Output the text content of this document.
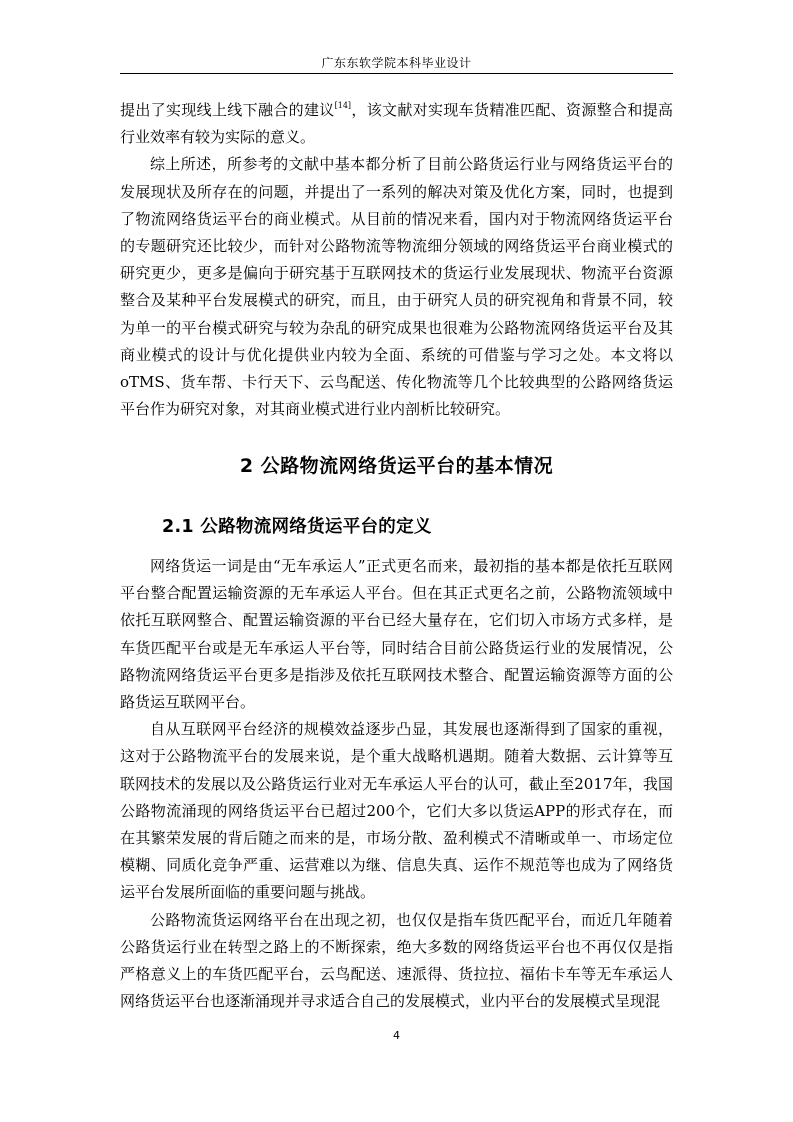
广东东软学院本科毕业设计

提出了实现线上线下融合的建议[14]，该文献对实现车货精准匹配、资源整合和提高行业效率有较为实际的意义。

综上所述，所参考的文献中基本都分析了目前公路货运行业与网络货运平台的发展现状及所存在的问题，并提出了一系列的解决对策及优化方案，同时，也提到了物流网络货运平台的商业模式。从目前的情况来看，国内对于物流网络货运平台的专题研究还比较少，而针对公路物流等物流细分领域的网络货运平台商业模式的研究更少，更多是偏向于研究基于互联网技术的货运行业发展现状、物流平台资源整合及某种平台发展模式的研究，而且，由于研究人员的研究视角和背景不同，较为单一的平台模式研究与较为杂乱的研究成果也很难为公路物流网络货运平台及其商业模式的设计与优化提供业内较为全面、系统的可借鉴与学习之处。本文将以oTMS、货车帮、卡行天下、云鸟配送、传化物流等几个比较典型的公路网络货运平台作为研究对象，对其商业模式进行业内剖析比较研究。

2 公路物流网络货运平台的基本情况
2.1 公路物流网络货运平台的定义

网络货运一词是由“无车承运人”正式更名而来，最初指的基本都是依托互联网平台整合配置运输资源的无车承运人平台。但在其正式更名之前，公路物流领域中依托互联网整合、配置运输资源的平台已经大量存在，它们切入市场方式多样，是车货匹配平台或是无车承运人平台等，同时结合目前公路货运行业的发展情况，公路物流网络货运平台更多是指涉及依托互联网技术整合、配置运输资源等方面的公路货运互联网平台。

自从互联网平台经济的规模效益逐步凸显，其发展也逐渐得到了国家的重视，这对于公路物流平台的发展来说，是个重大战略机遇期。随着大数据、云计算等互联网技术的发展以及公路货运行业对无车承运人平台的认可，截止至2017年，我国公路物流涌现的网络货运平台已超过200个，它们大多以货运APP的形式存在，而在其繁荣发展的背后随之而来的是，市场分散、盈利模式不清晰或单一、市场定位模糊、同质化竞争严重、运营难以为继、信息失真、运作不规范等也成为了网络货运平台发展所面临的重要问题与挑战。

公路物流货运网络平台在出现之初，也仅仅是指车货匹配平台，而近几年随着公路货运行业在转型之路上的不断探索，绝大多数的网络货运平台也不再仅仅是指严格意义上的车货匹配平台，云鸟配送、速派得、货拉拉、福佑卡车等无车承运人网络货运平台也逐渐涌现并寻求适合自己的发展模式，业内平台的发展模式呈现混

4
